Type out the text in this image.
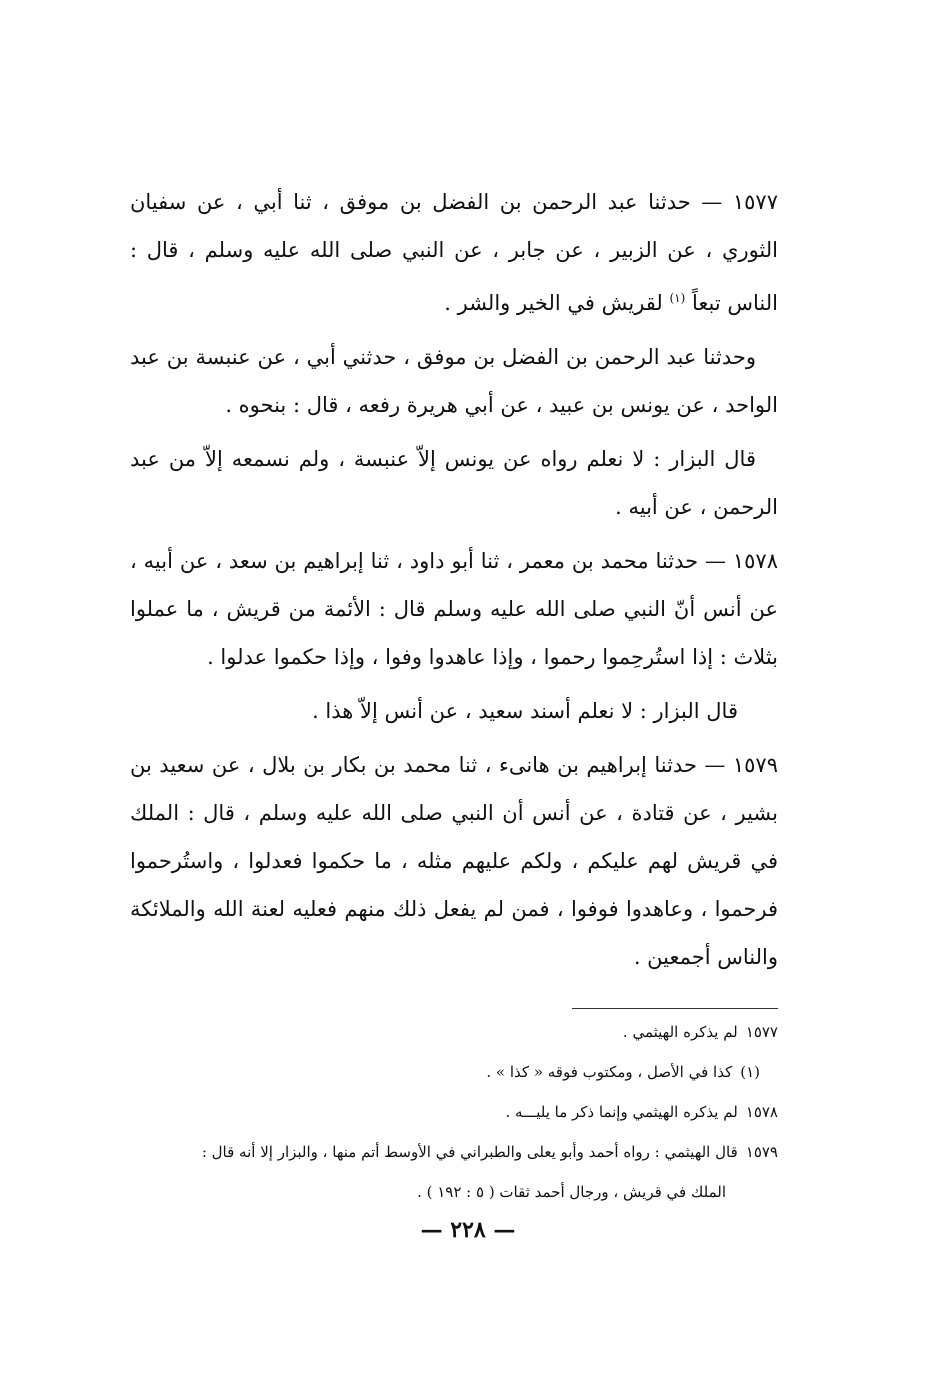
١٥٧٧ — حدثنا عبد الرحمن بن الفضل بن موفق ، ثنا أبي ، عن سفيان الثوري ، عن الزبير ، عن جابر ، عن النبي صلى الله عليه وسلم ، قال : الناس تبعاً $^{(١)}$ لقريش في الخير والشر .

وحدثنا عبد الرحمن بن الفضل بن موفق ، حدثني أبي ، عن عنبسة بن عبد الواحد ، عن يونس بن عبيد ، عن أبي هريرة رفعه ، قال : بنحوه .

قال البزار : لا نعلم رواه عن يونس إلاّ عنبسة ، ولم نسمعه إلاّ من عبد الرحمن ، عن أبيه .

١٥٧٨ — حدثنا محمد بن معمر ، ثنا أبو داود ، ثنا إبراهيم بن سعد ، عن أبيه ، عن أنس أنّ النبي صلى الله عليه وسلم قال : الأئمة من قريش ، ما عملوا بثلاث : إذا استُرحِموا رحموا ، وإذا عاهدوا وفوا ، وإذا حكموا عدلوا .

قال البزار : لا نعلم أسند سعيد ، عن أنس إلاّ هذا .

١٥٧٩ — حدثنا إبراهيم بن هانىء ، ثنا محمد بن بكار بن بلال ، عن سعيد بن بشير ، عن قتادة ، عن أنس أن النبي صلى الله عليه وسلم ، قال : الملك في قريش لهم عليكم ، ولكم عليهم مثله ، ما حكموا فعدلوا ، واستُرحموا فرحموا ، وعاهدوا فوفوا ، فمن لم يفعل ذلك منهم فعليه لعنة الله والملائكة والناس أجمعين .

١٥٧٧لم يذكره الهيثمي .

(١)كذا في الأصل ، ومكتوب فوقه « كذا » .

١٥٧٨لم يذكره الهيثمي وإنما ذكر ما يليـــه .

١٥٧٩قال الهيثمي : رواه أحمد وأبو يعلى والطبراني في الأوسط أتم منها ، والبزار إلا أنه قال :

الملك في قريش ، ورجال أحمد ثقات ( ٥ : ١٩٢ ) .

— ٢٢٨ —
